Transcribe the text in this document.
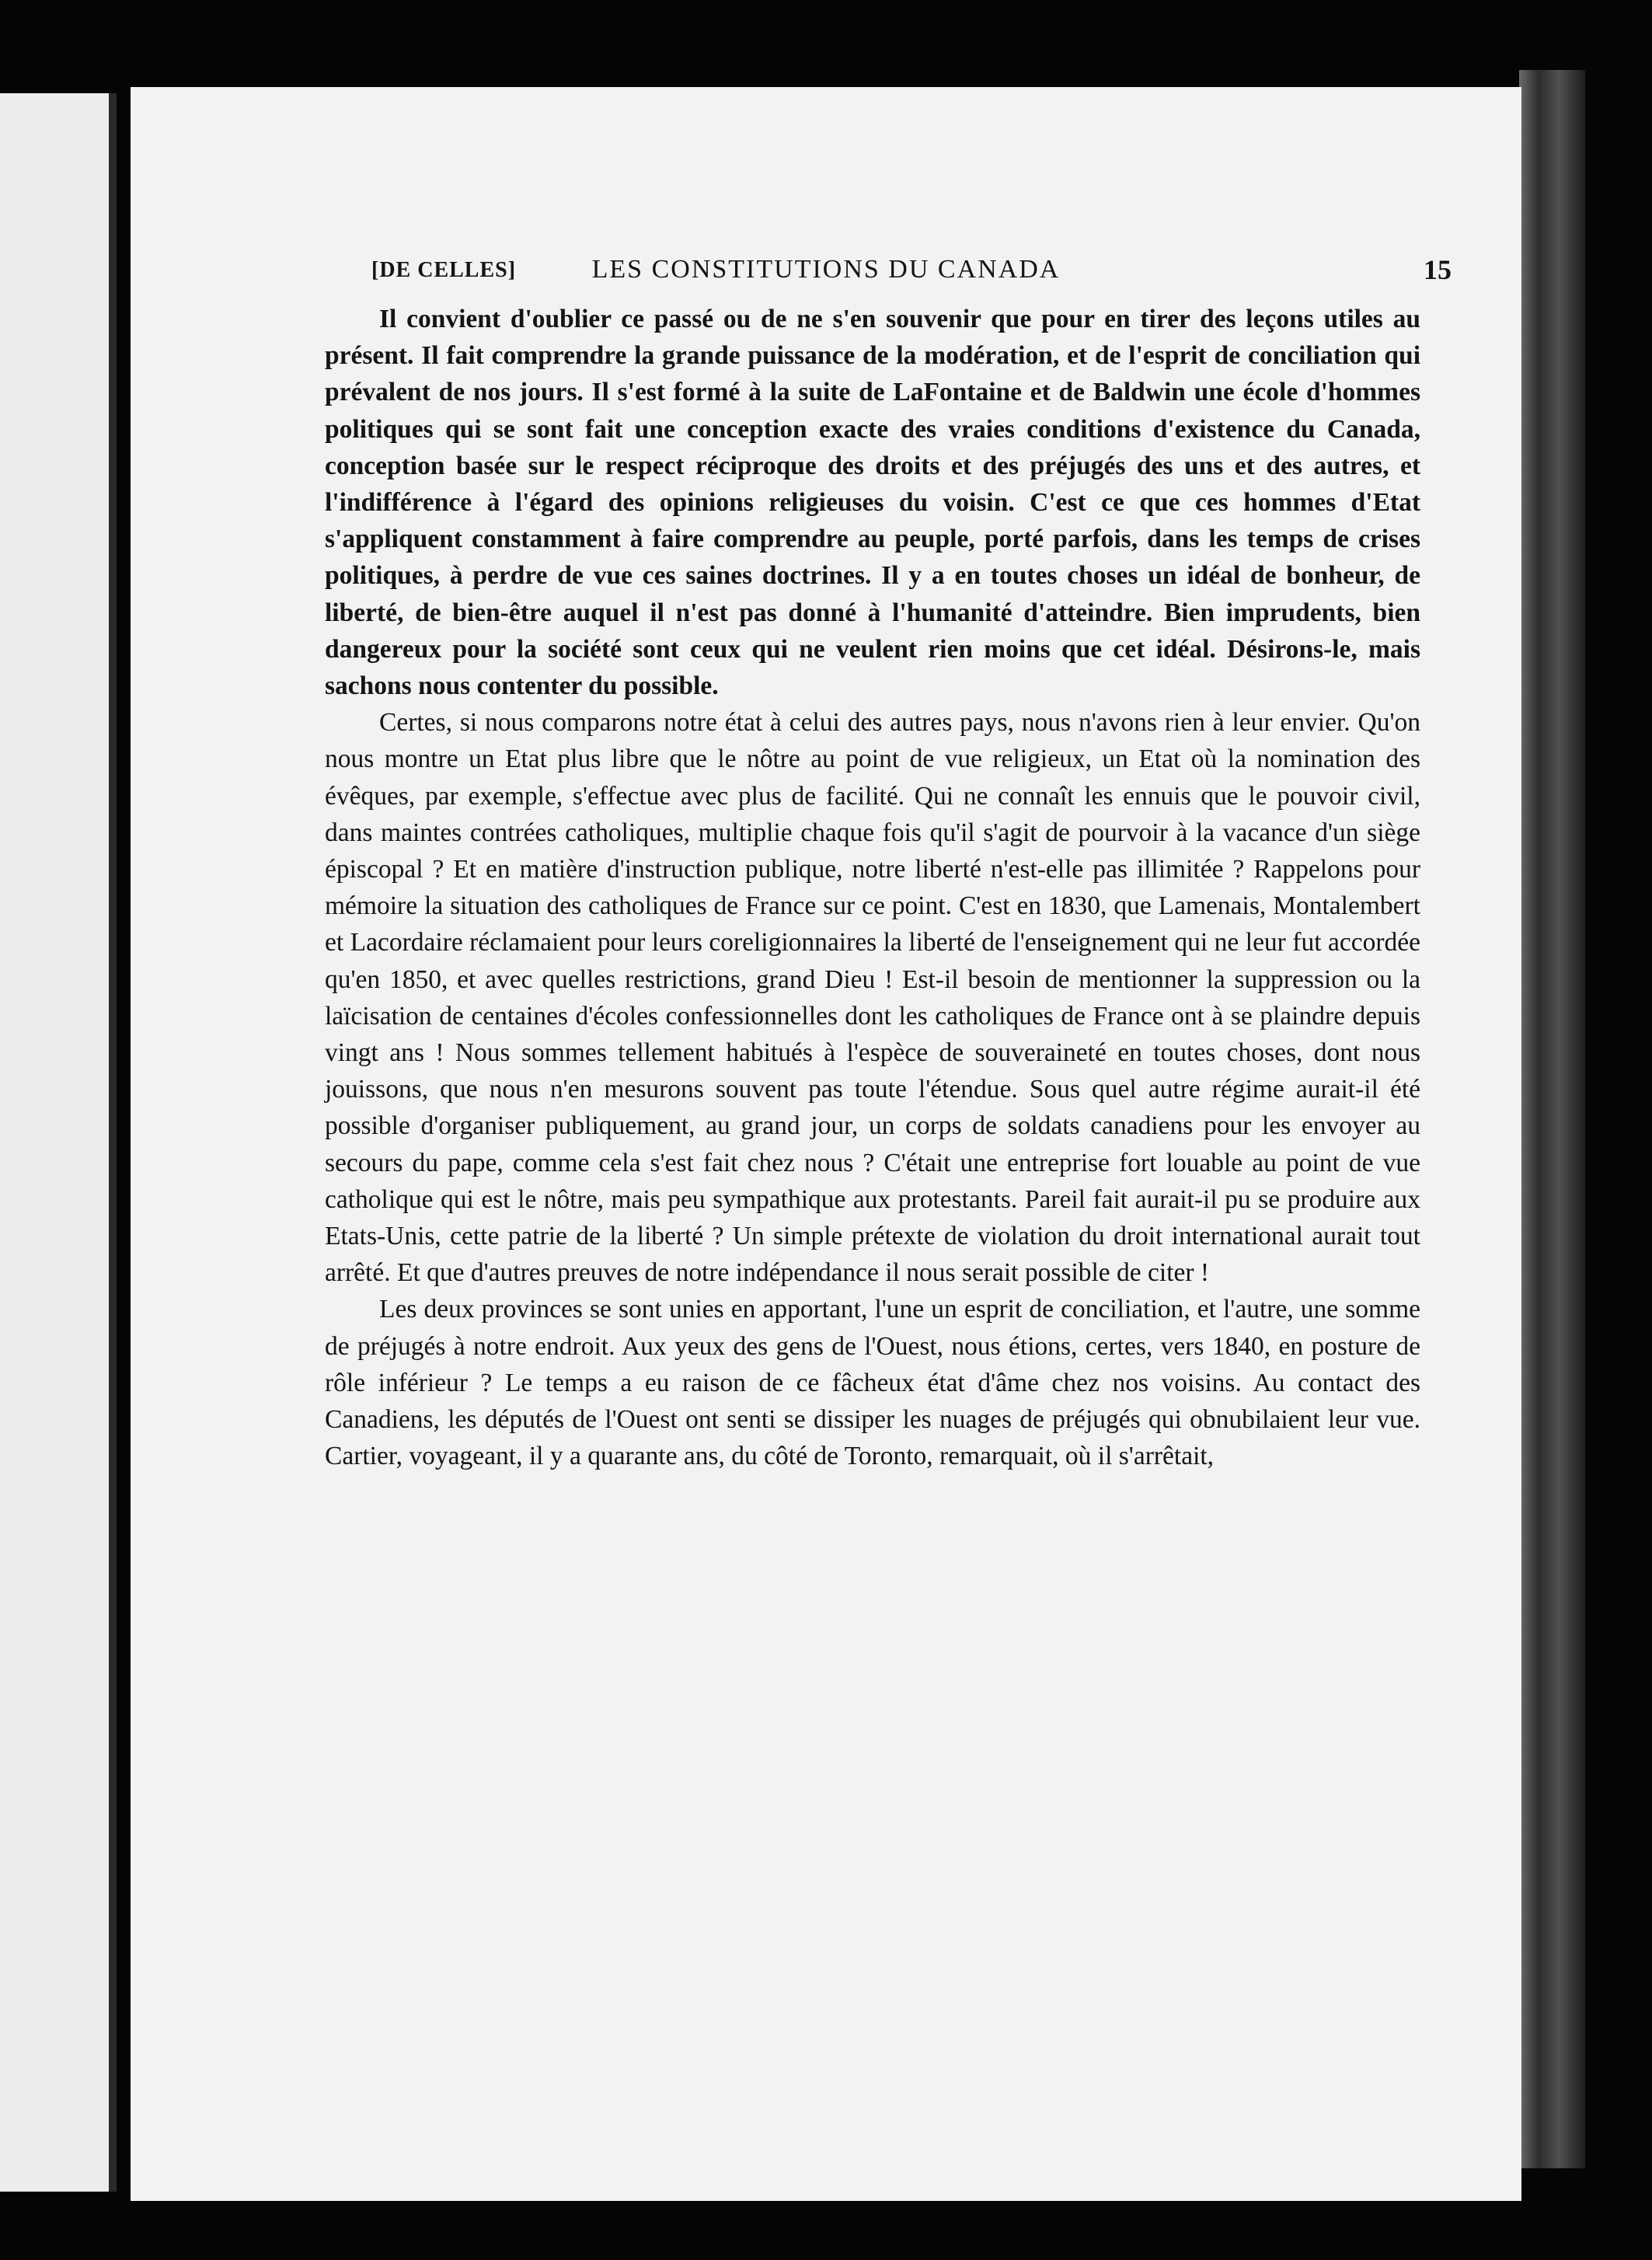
[DE CELLES]	LES CONSTITUTIONS DU CANADA	15

Il convient d'oublier ce passé ou de ne s'en souvenir que pour en tirer des leçons utiles au présent. Il fait comprendre la grande puissance de la modération, et de l'esprit de conciliation qui prévalent de nos jours. Il s'est formé à la suite de LaFontaine et de Baldwin une école d'hommes politiques qui se sont fait une conception exacte des vraies conditions d'existence du Canada, conception basée sur le respect réciproque des droits et des préjugés des uns et des autres, et l'indifférence à l'égard des opinions religieuses du voisin. C'est ce que ces hommes d'Etat s'appliquent constamment à faire comprendre au peuple, porté parfois, dans les temps de crises politiques, à perdre de vue ces saines doctrines. Il y a en toutes choses un idéal de bonheur, de liberté, de bien-être auquel il n'est pas donné à l'humanité d'atteindre. Bien imprudents, bien dangereux pour la société sont ceux qui ne veulent rien moins que cet idéal. Désirons-le, mais sachons nous contenter du possible.

Certes, si nous comparons notre état à celui des autres pays, nous n'avons rien à leur envier. Qu'on nous montre un Etat plus libre que le nôtre au point de vue religieux, un Etat où la nomination des évêques, par exemple, s'effectue avec plus de facilité. Qui ne connaît les ennuis que le pouvoir civil, dans maintes contrées catholiques, multiplie chaque fois qu'il s'agit de pourvoir à la vacance d'un siège épiscopal ? Et en matière d'instruction publique, notre liberté n'est-elle pas illimitée ? Rappelons pour mémoire la situation des catholiques de France sur ce point. C'est en 1830, que Lamenais, Montalembert et Lacordaire réclamaient pour leurs coreligionnaires la liberté de l'enseignement qui ne leur fut accordée qu'en 1850, et avec quelles restrictions, grand Dieu ! Est-il besoin de mentionner la suppression ou la laïcisation de centaines d'écoles confessionnelles dont les catholiques de France ont à se plaindre depuis vingt ans ! Nous sommes tellement habitués à l'espèce de souveraineté en toutes choses, dont nous jouissons, que nous n'en mesurons souvent pas toute l'étendue. Sous quel autre régime aurait-il été possible d'organiser publiquement, au grand jour, un corps de soldats canadiens pour les envoyer au secours du pape, comme cela s'est fait chez nous ? C'était une entreprise fort louable au point de vue catholique qui est le nôtre, mais peu sympathique aux protestants. Pareil fait aurait-il pu se produire aux Etats-Unis, cette patrie de la liberté ? Un simple prétexte de violation du droit international aurait tout arrêté. Et que d'autres preuves de notre indépendance il nous serait possible de citer !

Les deux provinces se sont unies en apportant, l'une un esprit de conciliation, et l'autre, une somme de préjugés à notre endroit. Aux yeux des gens de l'Ouest, nous étions, certes, vers 1840, en posture de rôle inférieur ? Le temps a eu raison de ce fâcheux état d'âme chez nos voisins. Au contact des Canadiens, les députés de l'Ouest ont senti se dissiper les nuages de préjugés qui obnubilaient leur vue. Cartier, voyageant, il y a quarante ans, du côté de Toronto, remarquait, où il s'arrêtait,
